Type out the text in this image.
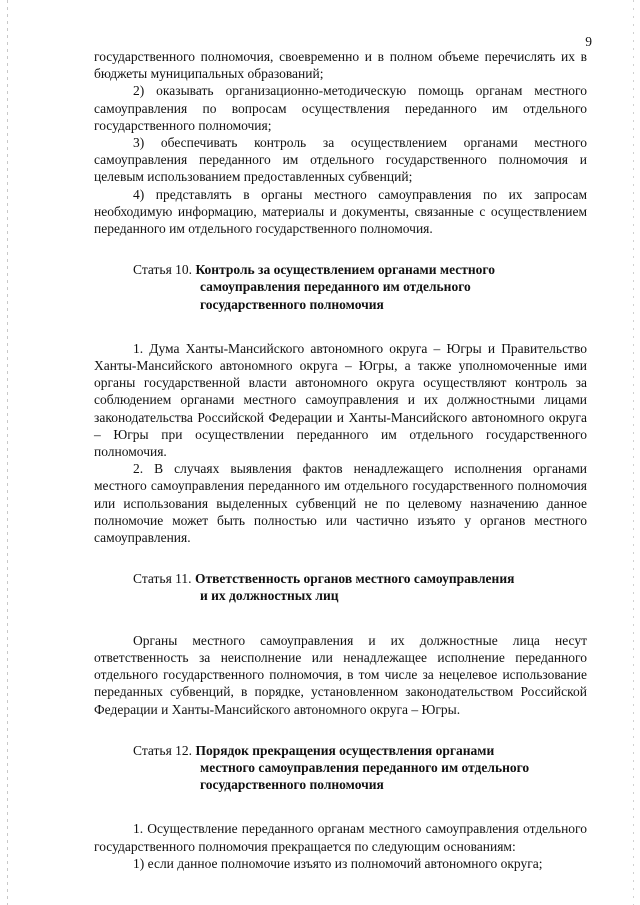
9

государственного полномочия, своевременно и в полном объеме перечислять их в бюджеты муниципальных образований;

2) оказывать организационно-методическую помощь органам местного самоуправления по вопросам осуществления переданного им отдельного государственного полномочия;

3) обеспечивать контроль за осуществлением органами местного самоуправления переданного им отдельного государственного полномочия и целевым использованием предоставленных субвенций;

4) представлять в органы местного самоуправления по их запросам необходимую информацию, материалы и документы, связанные с осуществлением переданного им отдельного государственного полномочия.

Статья 10. Контроль за осуществлением органами местного
самоуправления переданного им отдельного
государственного полномочия

1. Дума Ханты-Мансийского автономного округа – Югры и Правительство Ханты-Мансийского автономного округа – Югры, а также уполномоченные ими органы государственной власти автономного округа осуществляют контроль за соблюдением органами местного самоуправления и их должностными лицами законодательства Российской Федерации и Ханты-Мансийского автономного округа – Югры при осуществлении переданного им отдельного государственного полномочия.

2. В случаях выявления фактов ненадлежащего исполнения органами местного самоуправления переданного им отдельного государственного полномочия или использования выделенных субвенций не по целевому назначению данное полномочие может быть полностью или частично изъято у органов местного самоуправления.

Статья 11. Ответственность органов местного самоуправления
и их должностных лиц

Органы местного самоуправления и их должностные лица несут ответственность за неисполнение или ненадлежащее исполнение переданного отдельного государственного полномочия, в том числе за нецелевое использование переданных субвенций, в порядке, установленном законодательством Российской Федерации и Ханты-Мансийского автономного округа – Югры.

Статья 12. Порядок прекращения осуществления органами
местного самоуправления переданного им отдельного
государственного полномочия

1. Осуществление переданного органам местного самоуправления отдельного государственного полномочия прекращается по следующим основаниям:

1) если данное полномочие изъято из полномочий автономного округа;
